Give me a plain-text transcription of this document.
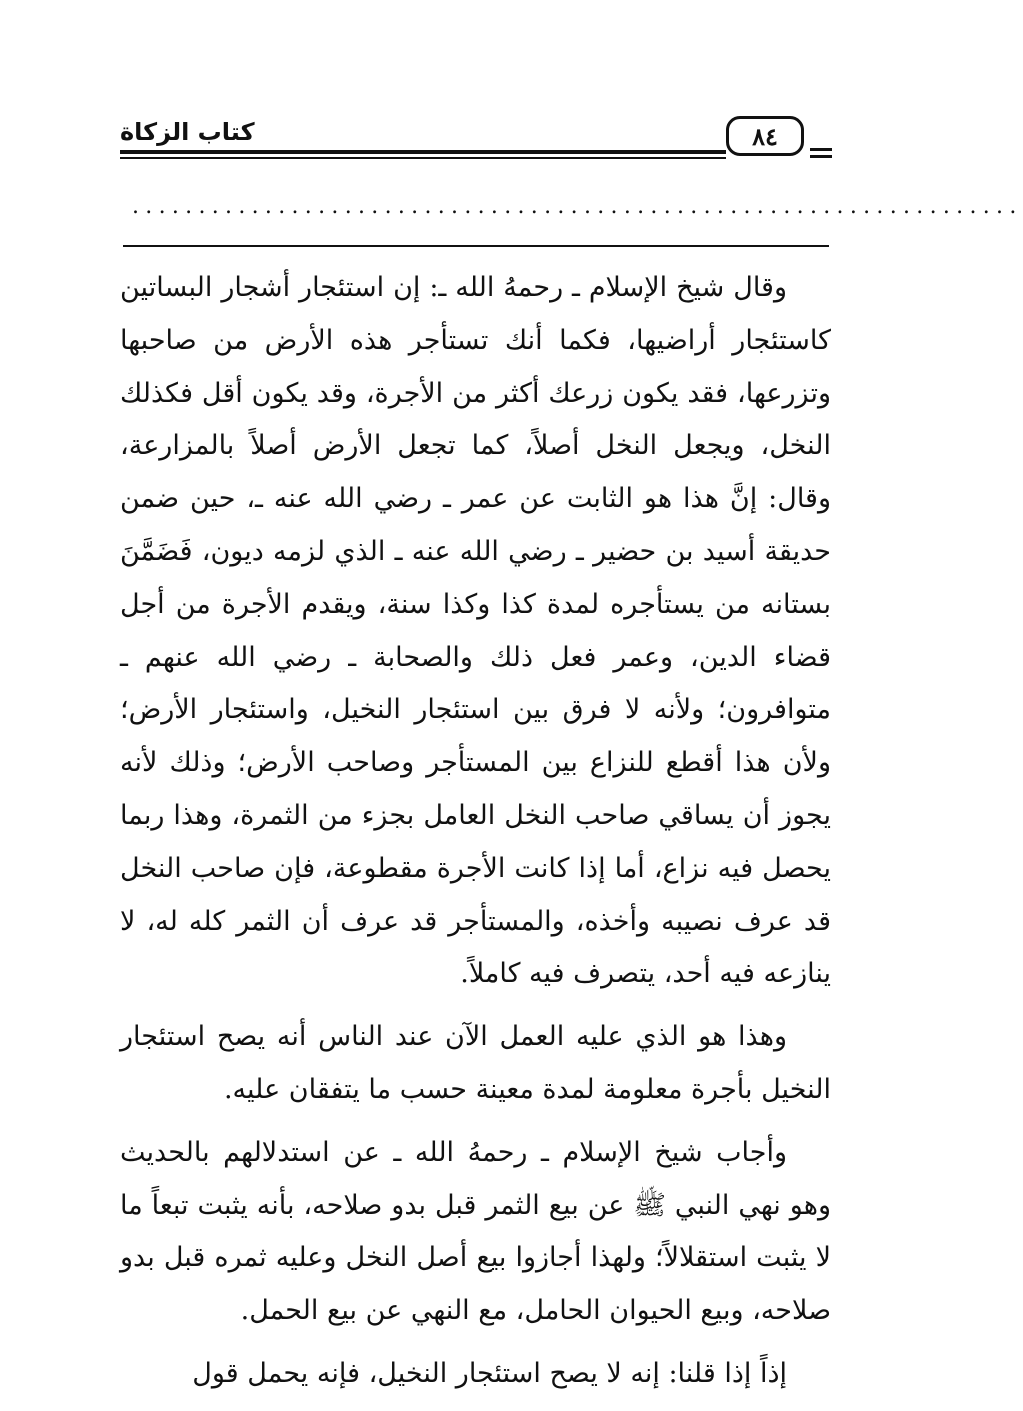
كتاب الزكاة	٨٤
...................................................................

وقال شيخ الإسلام ـ رحمهُ الله ـ: إن استئجار أشجار البساتين كاستئجار أراضيها، فكما أنك تستأجر هذه الأرض من صاحبها وتزرعها، فقد يكون زرعك أكثر من الأجرة، وقد يكون أقل فكذلك النخل، ويجعل النخل أصلاً، كما تجعل الأرض أصلاً بالمزارعة، وقال: إنَّ هذا هو الثابت عن عمر ـ رضي الله عنه ـ، حين ضمن حديقة أسيد بن حضير ـ رضي الله عنه ـ الذي لزمه ديون، فَضَمَّنَ بستانه من يستأجره لمدة كذا وكذا سنة، ويقدم الأجرة من أجل قضاء الدين، وعمر فعل ذلك والصحابة ـ رضي الله عنهم ـ متوافرون؛ ولأنه لا فرق بين استئجار النخيل، واستئجار الأرض؛ ولأن هذا أقطع للنزاع بين المستأجر وصاحب الأرض؛ وذلك لأنه يجوز أن يساقي صاحب النخل العامل بجزء من الثمرة، وهذا ربما يحصل فيه نزاع، أما إذا كانت الأجرة مقطوعة، فإن صاحب النخل قد عرف نصيبه وأخذه، والمستأجر قد عرف أن الثمر كله له، لا ينازعه فيه أحد، يتصرف فيه كاملاً.

وهذا هو الذي عليه العمل الآن عند الناس أنه يصح استئجار النخيل بأجرة معلومة لمدة معينة حسب ما يتفقان عليه.

وأجاب شيخ الإسلام ـ رحمهُ الله ـ عن استدلالهم بالحديث وهو نهي النبي ﷺ عن بيع الثمر قبل بدو صلاحه، بأنه يثبت تبعاً ما لا يثبت استقلالاً؛ ولهذا أجازوا بيع أصل النخل وعليه ثمره قبل بدو صلاحه، وبيع الحيوان الحامل، مع النهي عن بيع الحمل.

إذاً إذا قلنا: إنه لا يصح استئجار النخيل، فإنه يحمل قول
